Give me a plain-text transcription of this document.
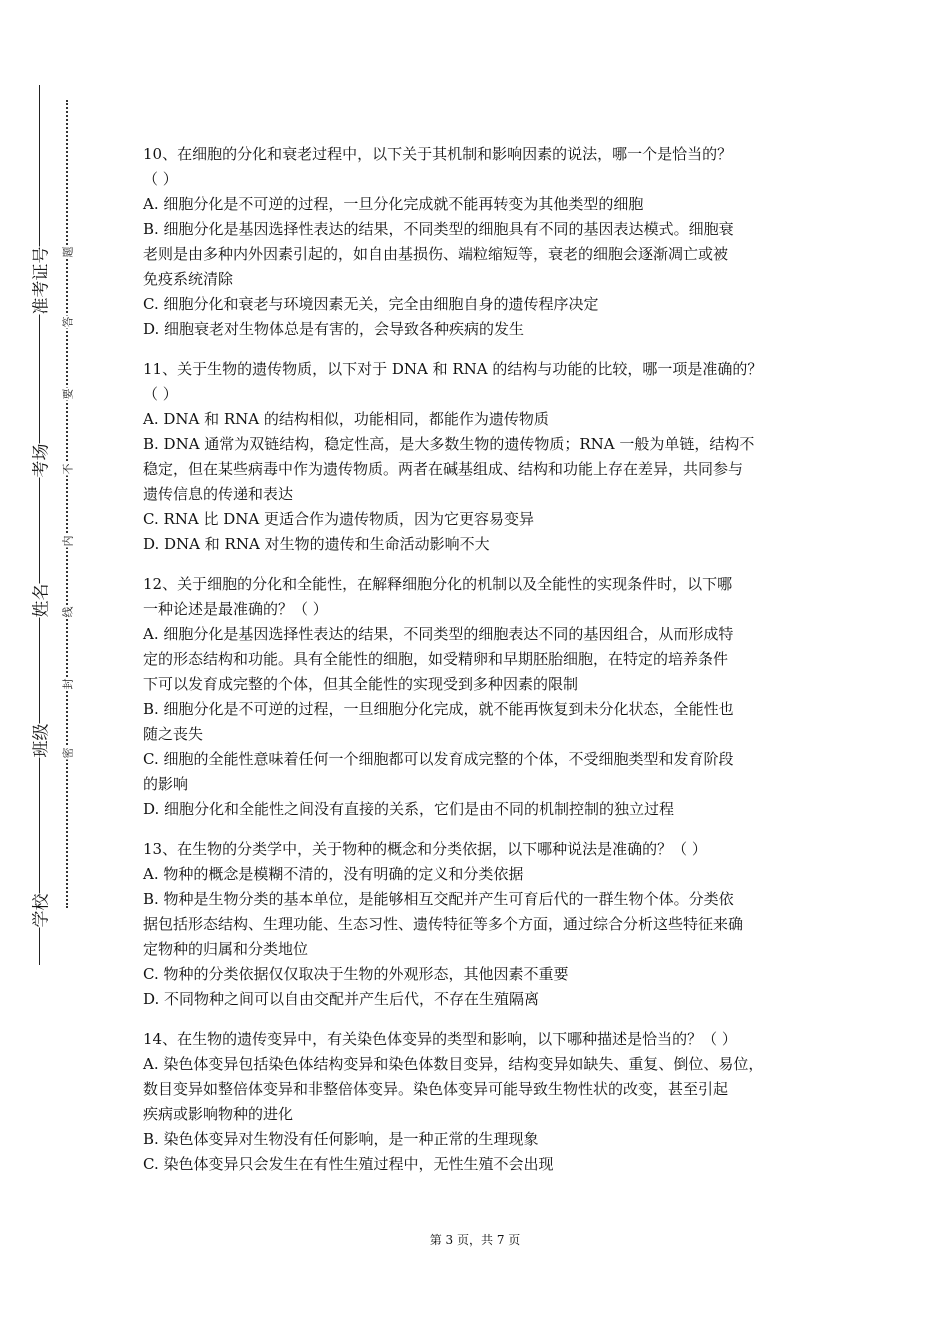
准考证号
考场
姓名
班级
学校
题
答
要
不
内
线
封
密

10、在细胞的分化和衰老过程中，以下关于其机制和影响因素的说法，哪一个是恰当的？

（ ）

A. 细胞分化是不可逆的过程，一旦分化完成就不能再转变为其他类型的细胞

B. 细胞分化是基因选择性表达的结果，不同类型的细胞具有不同的基因表达模式。细胞衰

老则是由多种内外因素引起的，如自由基损伤、端粒缩短等，衰老的细胞会逐渐凋亡或被

免疫系统清除

C. 细胞分化和衰老与环境因素无关，完全由细胞自身的遗传程序决定

D. 细胞衰老对生物体总是有害的，会导致各种疾病的发生

11、关于生物的遗传物质，以下对于 DNA 和 RNA 的结构与功能的比较，哪一项是准确的？

（ ）

A. DNA 和 RNA 的结构相似，功能相同，都能作为遗传物质

B. DNA 通常为双链结构，稳定性高，是大多数生物的遗传物质；RNA 一般为单链，结构不

稳定，但在某些病毒中作为遗传物质。两者在碱基组成、结构和功能上存在差异，共同参与

遗传信息的传递和表达

C. RNA 比 DNA 更适合作为遗传物质，因为它更容易变异

D. DNA 和 RNA 对生物的遗传和生命活动影响不大

12、关于细胞的分化和全能性，在解释细胞分化的机制以及全能性的实现条件时，以下哪

一种论述是最准确的？（ ）

A. 细胞分化是基因选择性表达的结果，不同类型的细胞表达不同的基因组合，从而形成特

定的形态结构和功能。具有全能性的细胞，如受精卵和早期胚胎细胞，在特定的培养条件

下可以发育成完整的个体，但其全能性的实现受到多种因素的限制

B. 细胞分化是不可逆的过程，一旦细胞分化完成，就不能再恢复到未分化状态，全能性也

随之丧失

C. 细胞的全能性意味着任何一个细胞都可以发育成完整的个体，不受细胞类型和发育阶段

的影响

D. 细胞分化和全能性之间没有直接的关系，它们是由不同的机制控制的独立过程

13、在生物的分类学中，关于物种的概念和分类依据，以下哪种说法是准确的？（ ）

A. 物种的概念是模糊不清的，没有明确的定义和分类依据

B. 物种是生物分类的基本单位，是能够相互交配并产生可育后代的一群生物个体。分类依

据包括形态结构、生理功能、生态习性、遗传特征等多个方面，通过综合分析这些特征来确

定物种的归属和分类地位

C. 物种的分类依据仅仅取决于生物的外观形态，其他因素不重要

D. 不同物种之间可以自由交配并产生后代，不存在生殖隔离

14、在生物的遗传变异中，有关染色体变异的类型和影响，以下哪种描述是恰当的？（ ）

A. 染色体变异包括染色体结构变异和染色体数目变异，结构变异如缺失、重复、倒位、易位，

数目变异如整倍体变异和非整倍体变异。染色体变异可能导致生物性状的改变，甚至引起

疾病或影响物种的进化

B. 染色体变异对生物没有任何影响，是一种正常的生理现象

C. 染色体变异只会发生在有性生殖过程中，无性生殖不会出现

第 3 页，共 7 页
